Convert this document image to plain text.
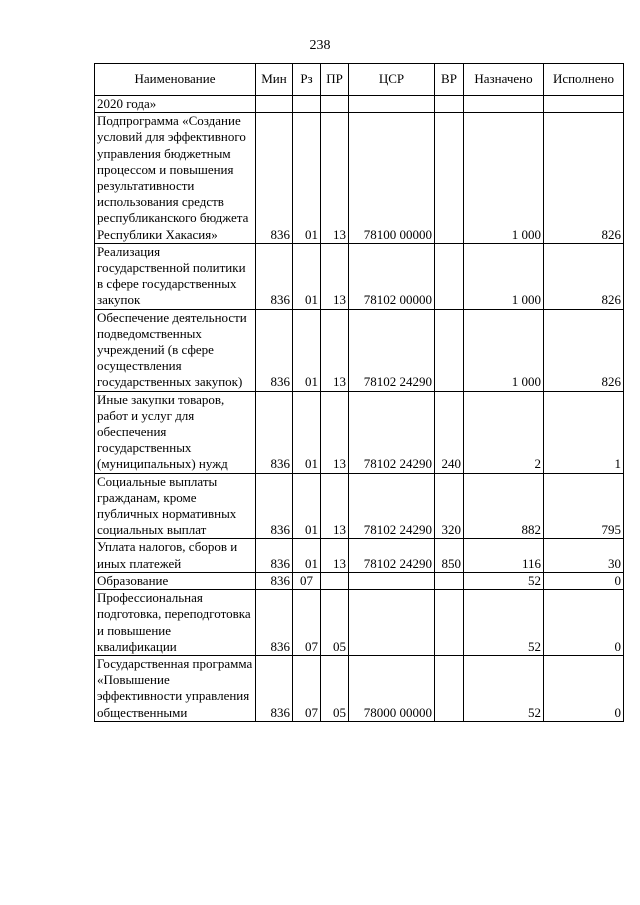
238
Наименование	Мин	Рз	ПР	ЦСР	ВР	Назначено	Исполнено
2020 года»							
Подпрограмма «Создание условий для эффективного управления бюджетным процессом и повышения результативности использования средств республиканского бюджета Республики Хакасия»	836	01	13	78100 00000		1 000	826
Реализация государственной политики в сфере государственных закупок	836	01	13	78102 00000		1 000	826
Обеспечение деятельности подведомственных учреждений (в сфере осуществления государственных закупок)	836	01	13	78102 24290		1 000	826
Иные закупки товаров, работ и услуг для обеспечения государственных (муниципальных) нужд	836	01	13	78102 24290	240	2	1
Социальные выплаты гражданам, кроме публичных нормативных социальных выплат	836	01	13	78102 24290	320	882	795
Уплата налогов, сборов и иных платежей	836	01	13	78102 24290	850	116	30
Образование	836	07				52	0
Профессиональная подготовка, переподготовка и повышение квалификации	836	07	05			52	0
Государственная программа «Повышение эффективности управления общественными	836	07	05	78000 00000		52	0
